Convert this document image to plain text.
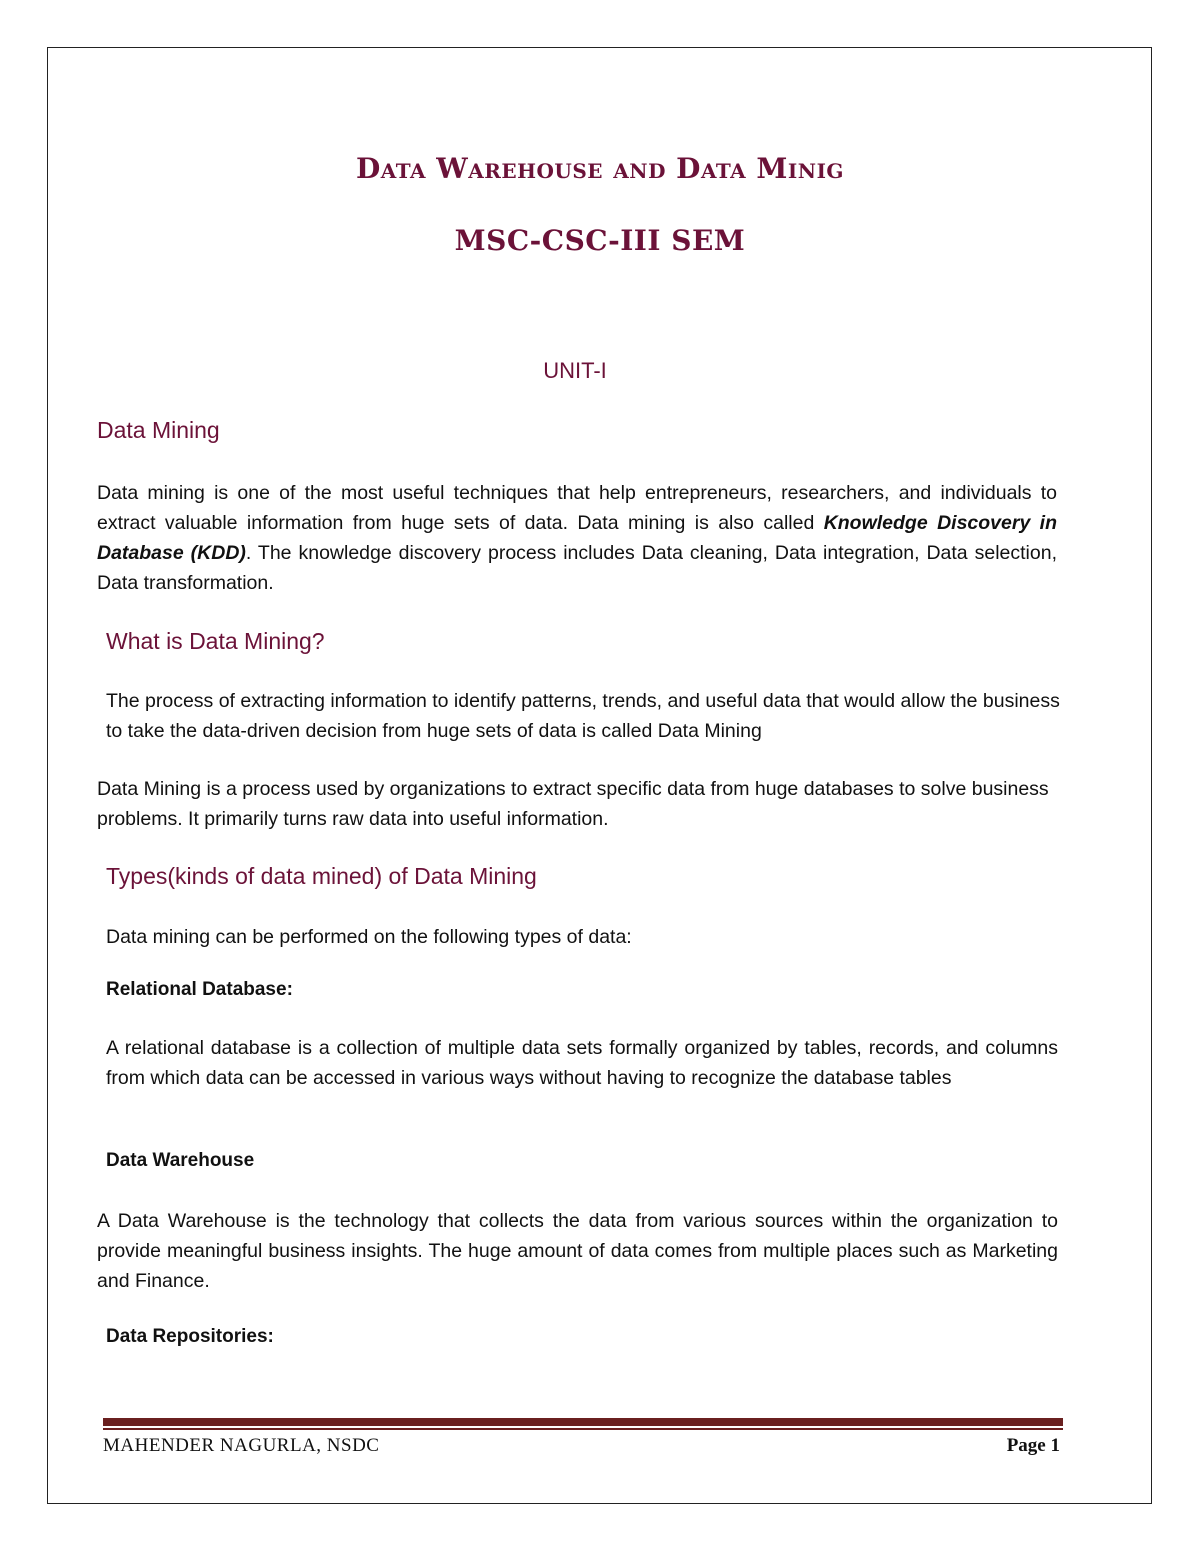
Data Warehouse and Data Minig
MSC-CSC-III SEM
UNIT-I
Data Mining

Data mining is one of the most useful techniques that help entrepreneurs, researchers, and individuals to extract valuable information from huge sets of data. Data mining is also called Knowledge Discovery in Database (KDD). The knowledge discovery process includes Data cleaning, Data integration, Data selection, Data transformation.

What is Data Mining?

The process of extracting information to identify patterns, trends, and useful data that would allow the business to take the data-driven decision from huge sets of data is called Data Mining

Data Mining is a process used by organizations to extract specific data from huge databases to solve business problems. It primarily turns raw data into useful information.

Types(kinds of data mined) of Data Mining

Data mining can be performed on the following types of data:

Relational Database:

A relational database is a collection of multiple data sets formally organized by tables, records, and columns from which data can be accessed in various ways without having to recognize the database tables

Data Warehouse

A Data Warehouse is the technology that collects the data from various sources within the organization to provide meaningful business insights. The huge amount of data comes from multiple places such as Marketing and Finance.

Data Repositories:
MAHENDER NAGURLA, NSDC	Page 1
